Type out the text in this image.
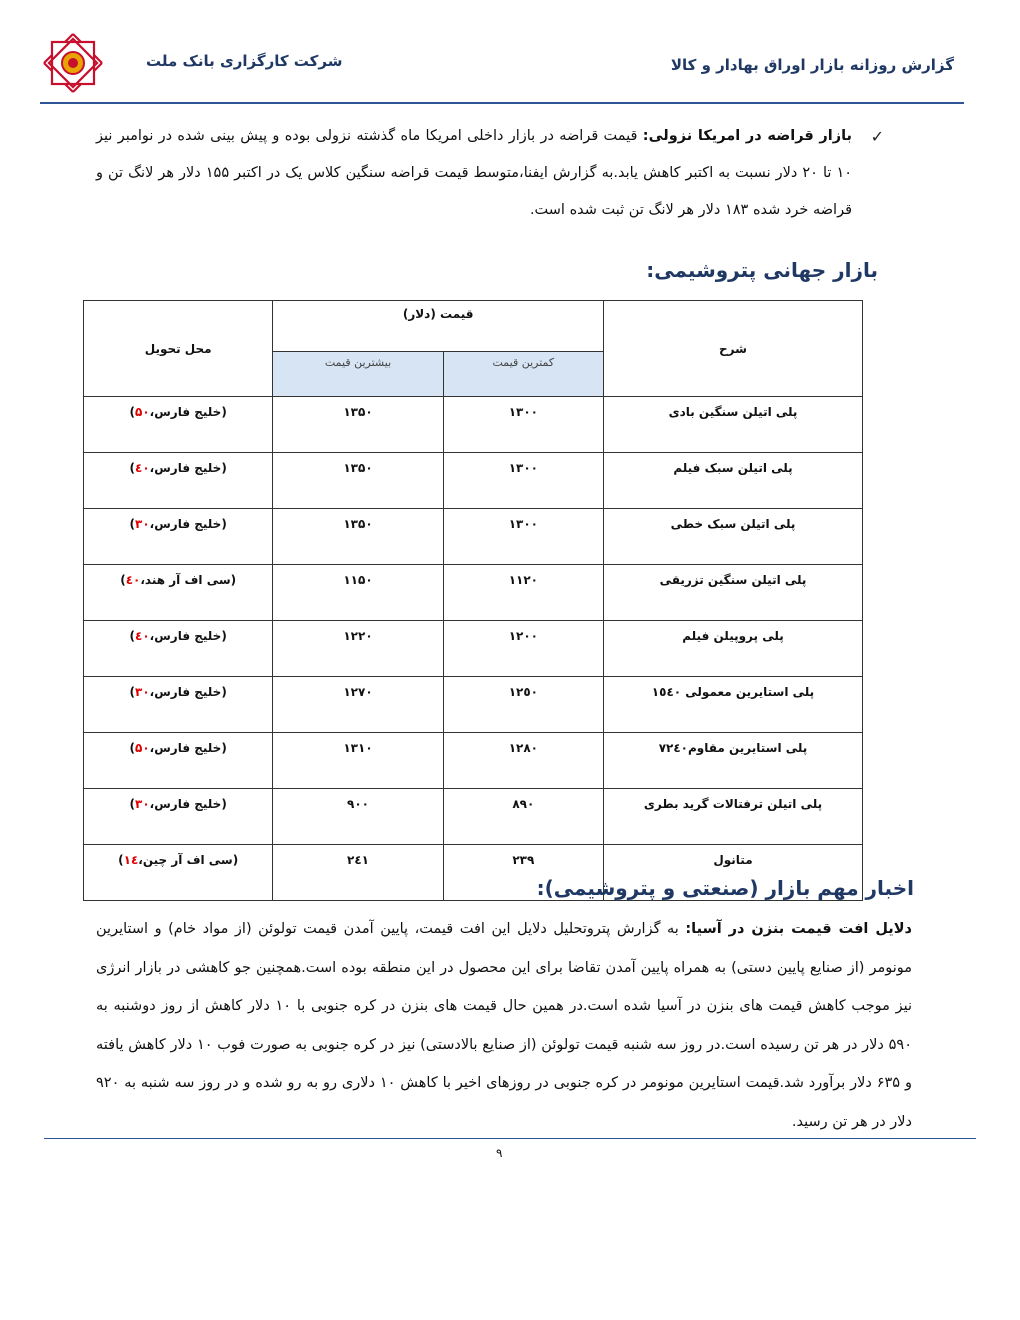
شرکت کارگزاری بانک ملت	گزارش روزانه بازار اوراق بهادار و کالا
✓
بازار قراضه در امریکا نزولی: قیمت قراضه در بازار داخلی امریکا ماه گذشته نزولی بوده و پیش بینی شده در نوامبر نیز ۱۰ تا ۲۰ دلار نسبت به اکتبر کاهش یابد.به گزارش ایفنا،متوسط قیمت قراضه سنگین کلاس یک در اکتبر ۱۵۵ دلار هر لانگ تن و قراضه خرد شده ۱۸۳ دلار هر لانگ تن ثبت شده است.
بازار جهانی پتروشیمی:
شرح	قیمت (دلار)		محل تحویل
	کمترین قیمت	بیشترین قیمت	
پلی اتیلن سنگین بادی	۱۳۰۰	۱۳۵۰	(خلیج فارس،۵۰)
پلی اتیلن سبک فیلم	۱۳۰۰	۱۳۵۰	(خلیج فارس،٤۰)
پلی اتیلن سبک خطی	۱۳۰۰	۱۳۵۰	(خلیج فارس،۳۰)
پلی اتیلن سنگین تزریقی	۱۱۲۰	۱۱۵۰	(سی اف آر هند،٤۰)
پلی پروپیلن فیلم	۱۲۰۰	۱۲۲۰	(خلیج فارس،٤۰)
پلی استایرین معمولی ۱٥٤۰	۱۲٥۰	۱۲۷۰	(خلیج فارس،۳۰)
پلی استایرین مقاوم۷۲٤۰	۱۲۸۰	۱۳۱۰	(خلیج فارس،۵۰)
پلی اتیلن ترفتالات گرید بطری	۸۹۰	۹۰۰	(خلیج فارس،۳۰)
متانول	۲۳۹	۲٤۱	(سی اف آر چین،١٤)
اخبار مهم بازار (صنعتی و پتروشیمی):
دلایل افت قیمت بنزن در آسیا: به گزارش پتروتحلیل دلایل این افت قیمت، پایین آمدن قیمت تولوئن (از مواد خام) و استایرین مونومر (از صنایع پایین دستی) به همراه پایین آمدن تقاضا برای این محصول در این منطقه بوده است.همچنین جو کاهشی در بازار انرژی نیز موجب کاهش قیمت های بنزن در آسیا شده است.در همین حال قیمت های بنزن در کره جنوبی با ۱۰ دلار کاهش از روز دوشنبه به ۵۹۰ دلار در هر تن رسیده است.در روز سه شنبه قیمت تولوئن (از صنایع بالادستی) نیز در کره جنوبی به صورت فوب ۱۰ دلار کاهش یافته و ۶۳۵ دلار برآورد شد.قیمت استایرین مونومر در کره جنوبی در روزهای اخیر با کاهش ۱۰ دلاری رو به رو شده و در روز سه شنبه به ۹۲۰ دلار در هر تن رسید.
۹
